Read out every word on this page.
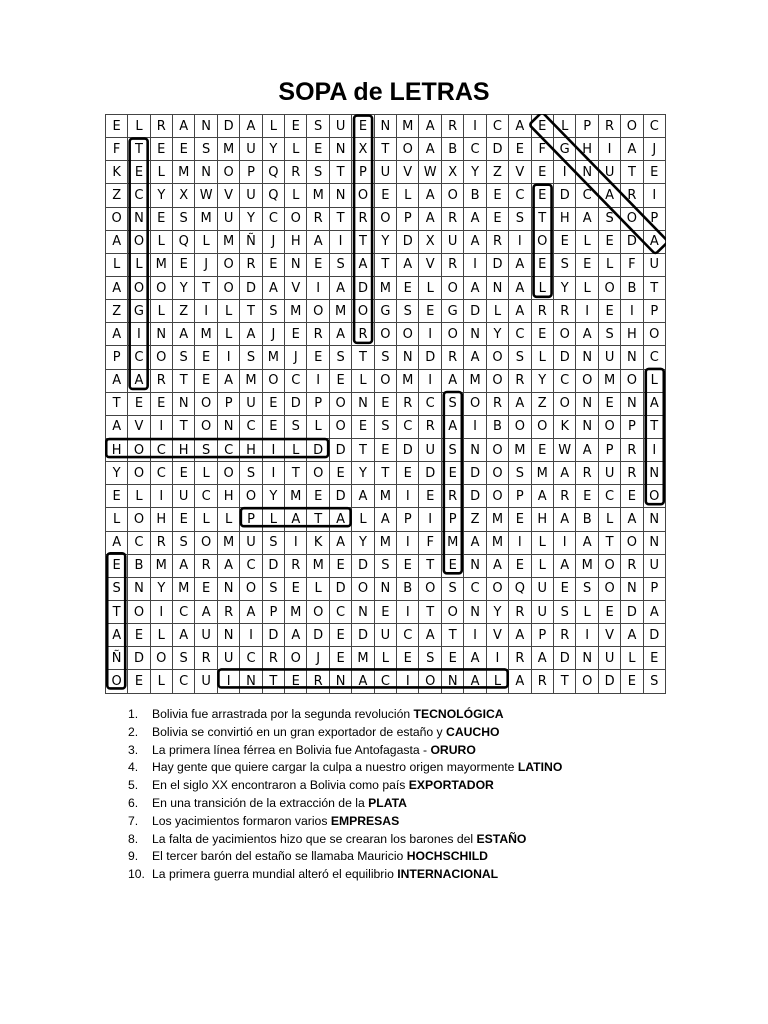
SOPA de LETRAS
E	L	R	A	N	D	A	L	E	S	U	E	N	M	A	R	I	C	A	E	L	P	R	O	C
F	T	E	E	S	M	U	Y	L	E	N	X	T	O	A	B	C	D	E	F	G	H	I	A	J
K	E	L	M	N	O	P	Q	R	S	T	P	U	V	W	X	Y	Z	V	E	I	N	U	T	E
Z	C	Y	X	W	V	U	Q	L	M	N	O	E	L	A	O	B	E	C	E	D	C	A	R	I
O	N	E	S	M	U	Y	C	O	R	T	R	O	P	A	R	A	E	S	T	H	A	S	O	P
A	O	L	Q	L	M	Ñ	J	H	A	I	T	Y	D	X	U	A	R	I	O	E	L	E	D	A
L	L	M	E	J	O	R	E	N	E	S	A	T	A	V	R	I	D	A	E	S	E	L	F	U
A	O	O	Y	T	O	D	A	V	I	A	D	M	E	L	O	A	N	A	L	Y	L	O	B	T
Z	G	L	Z	I	L	T	S	M	O	M	O	G	S	E	G	D	L	A	R	R	I	E	I	P
A	I	N	A	M	L	A	J	E	R	A	R	O	O	I	O	N	Y	C	E	O	A	S	H	O
P	C	O	S	E	I	S	M	J	E	S	T	S	N	D	R	A	O	S	L	D	N	U	N	C
A	A	R	T	E	A	M	O	C	I	E	L	O	M	I	A	M	O	R	Y	C	O	M	O	L
T	E	E	N	O	P	U	E	D	P	O	N	E	R	C	S	O	R	A	Z	O	N	E	N	A
A	V	I	T	O	N	C	E	S	L	O	E	S	C	R	A	I	B	O	O	K	N	O	P	T
H	O	C	H	S	C	H	I	L	D	D	T	E	D	U	S	N	O	M	E	W	A	P	R	I
Y	O	C	E	L	O	S	I	T	O	E	Y	T	E	D	E	D	O	S	M	A	R	U	R	N
E	L	I	U	C	H	O	Y	M	E	D	A	M	I	E	R	D	O	P	A	R	E	C	E	O
L	O	H	E	L	L	P	L	A	T	A	L	A	P	I	P	Z	M	E	H	A	B	L	A	N
A	C	R	S	O	M	U	S	I	K	A	Y	M	I	F	M	A	M	I	L	I	A	T	O	N
E	B	M	A	R	A	C	D	R	M	E	D	S	E	T	E	N	A	E	L	A	M	O	R	U
S	N	Y	M	E	N	O	S	E	L	D	O	N	B	O	S	C	O	Q	U	E	S	O	N	P
T	O	I	C	A	R	A	P	M	O	C	N	E	I	T	O	N	Y	R	U	S	L	E	D	A
A	E	L	A	U	N	I	D	A	D	E	D	U	C	A	T	I	V	A	P	R	I	V	A	D
Ñ	D	O	S	R	U	C	R	O	J	E	M	L	E	S	E	A	I	R	A	D	N	U	L	E
O	E	L	C	U	I	N	T	E	R	N	A	C	I	O	N	A	L	A	R	T	O	D	E	S
1. Bolivia fue arrastrada por la segunda revolución TECNOLÓGICA
2. Bolivia se convirtió en un gran exportador de estaño y CAUCHO
3. La primera línea férrea en Bolivia fue Antofagasta - ORURO
4. Hay gente que quiere cargar la culpa a nuestro origen mayormente LATINO
5. En el siglo XX encontraron a Bolivia como país EXPORTADOR
6. En una transición de la extracción de la PLATA
7. Los yacimientos formaron varios EMPRESAS
8. La falta de yacimientos hizo que se crearan los barones del ESTAÑO
9. El tercer barón del estaño se llamaba Mauricio HOCHSCHILD
10. La primera guerra mundial alteró el equilibrio INTERNACIONAL
